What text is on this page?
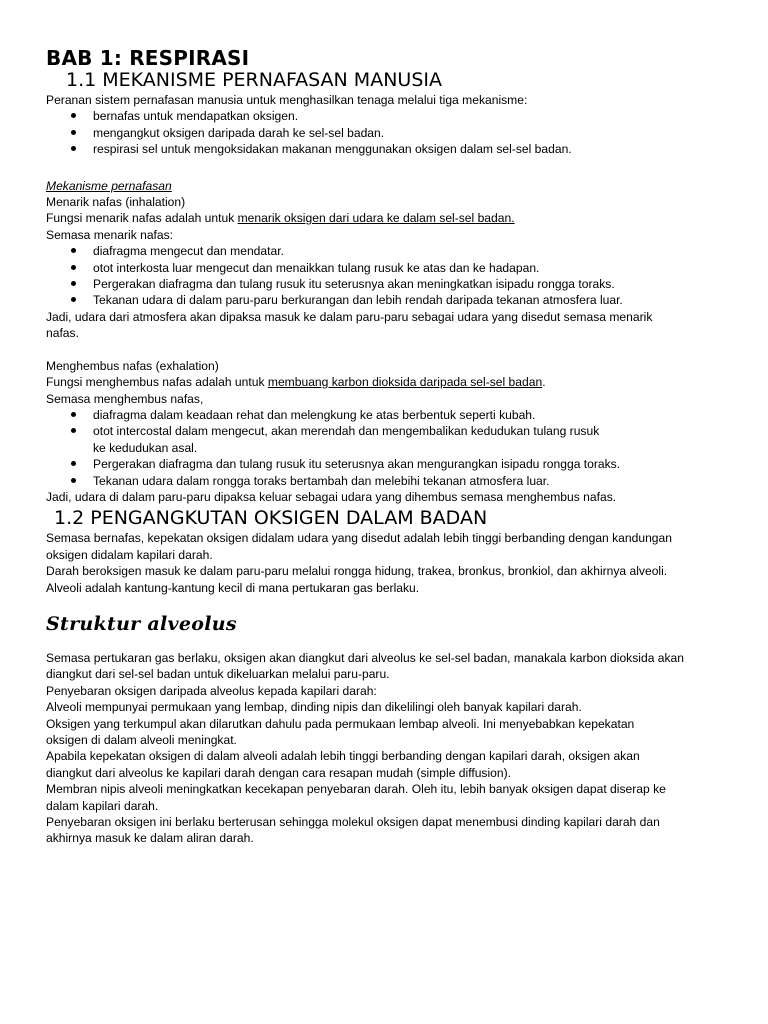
BAB 1: RESPIRASI
1.1 MEKANISME PERNAFASAN MANUSIA

Peranan sistem pernafasan manusia untuk menghasilkan tenaga melalui tiga mekanisme:

bernafas untuk mendapatkan oksigen.
mengangkut oksigen daripada darah ke sel-sel badan.
respirasi sel untuk mengoksidakan makanan menggunakan oksigen dalam sel-sel badan.

Mekanisme pernafasan

Menarik nafas (inhalation)

Fungsi menarik nafas adalah untuk menarik oksigen dari udara ke dalam sel-sel badan.

Semasa menarik nafas:

diafragma mengecut dan mendatar.
otot interkosta luar mengecut dan menaikkan tulang rusuk ke atas dan ke hadapan.
Pergerakan diafragma dan tulang rusuk itu seterusnya akan meningkatkan isipadu rongga toraks.
Tekanan udara di dalam paru-paru berkurangan dan lebih rendah daripada tekanan atmosfera luar.

Jadi, udara dari atmosfera akan dipaksa masuk ke dalam paru-paru sebagai udara yang disedut semasa menarik

nafas.

Menghembus nafas (exhalation)

Fungsi menghembus nafas adalah untuk membuang karbon dioksida daripada sel-sel badan.

Semasa menghembus nafas,

diafragma dalam keadaan rehat dan melengkung ke atas berbentuk seperti kubah.
otot intercostal dalam mengecut, akan merendah dan mengembalikan kedudukan tulang rusuk
ke kedudukan asal.
Pergerakan diafragma dan tulang rusuk itu seterusnya akan mengurangkan isipadu rongga toraks.
Tekanan udara dalam rongga toraks bertambah dan melebihi tekanan atmosfera luar.

Jadi, udara di dalam paru-paru dipaksa keluar sebagai udara yang dihembus semasa menghembus nafas.

1.2 PENGANGKUTAN OKSIGEN DALAM BADAN

Semasa bernafas, kepekatan oksigen didalam udara yang disedut adalah lebih tinggi berbanding dengan kandungan

oksigen didalam kapilari darah.

Darah beroksigen masuk ke dalam paru-paru melalui rongga hidung, trakea, bronkus, bronkiol, dan akhirnya alveoli.

Alveoli adalah kantung-kantung kecil di mana pertukaran gas berlaku.

Struktur alveolus

Semasa pertukaran gas berlaku, oksigen akan diangkut dari alveolus ke sel-sel badan, manakala karbon dioksida akan

diangkut dari sel-sel badan untuk dikeluarkan melalui paru-paru.

Penyebaran oksigen daripada alveolus kepada kapilari darah:

Alveoli mempunyai permukaan yang lembap, dinding nipis dan dikelilingi oleh banyak kapilari darah.

Oksigen yang terkumpul akan dilarutkan dahulu pada permukaan lembap alveoli. Ini menyebabkan kepekatan

oksigen di dalam alveoli meningkat.

Apabila kepekatan oksigen di dalam alveoli adalah lebih tinggi berbanding dengan kapilari darah, oksigen akan

diangkut dari alveolus ke kapilari darah dengan cara resapan mudah (simple diffusion).

Membran nipis alveoli meningkatkan kecekapan penyebaran darah. Oleh itu, lebih banyak oksigen dapat diserap ke

dalam kapilari darah.

Penyebaran oksigen ini berlaku berterusan sehingga molekul oksigen dapat menembusi dinding kapilari darah dan

akhirnya masuk ke dalam aliran darah.
